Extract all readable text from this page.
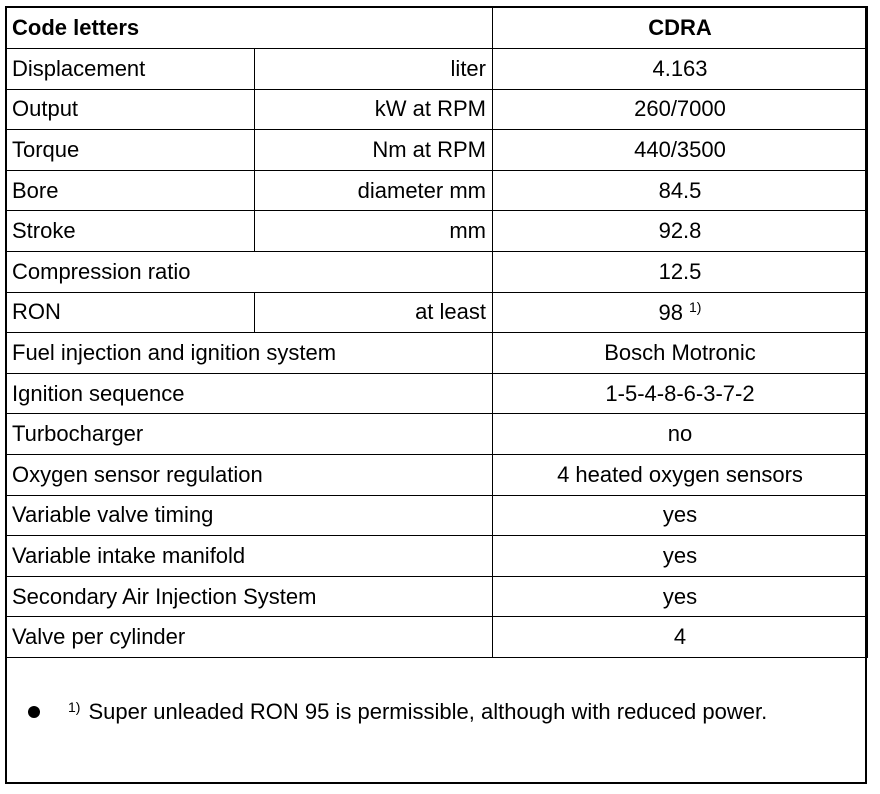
Code letters		CDRA
Displacement	liter	4.163
Output	kW at RPM	260/7000
Torque	Nm at RPM	440/3500
Bore	diameter mm	84.5
Stroke	mm	92.8
Compression ratio		12.5
RON	at least	98 $^{1)}$
Fuel injection and ignition system		Bosch Motronic
Ignition sequence		1-5-4-8-6-3-7-2
Turbocharger		no
Oxygen sensor regulation		4 heated oxygen sensors
Variable valve timing		yes
Variable intake manifold		yes
Secondary Air Injection System		yes
Valve per cylinder		4
$^{1)}$ Super unleaded RON 95 is permissible, although with reduced power.
